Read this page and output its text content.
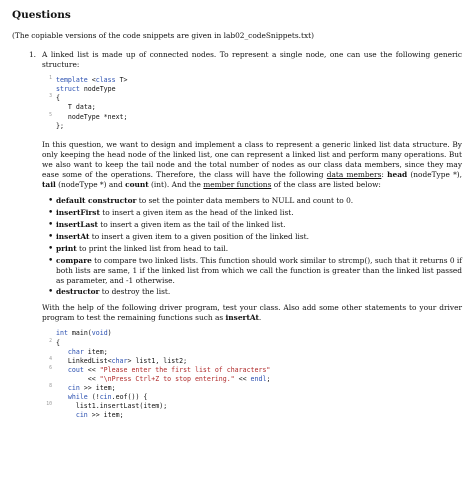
Questions
(The copiable versions of the code snippets are given in lab02_codeSnippets.txt)
1. A linked list is made up of connected nodes. To represent a single node, one can use the following generic structure:

1 template <class T>
struct nodeType
3 {
T data;
5	nodeType *next;
};

In this question, we want to design and implement a class to represent a generic linked list data structure. By only keeping the head node of the linked list, one can represent a linked list and perform many operations. But we also want to keep the tail node and the total number of nodes as our class data members, since they may ease some of the operations. Therefore, the class will have the following data members: head (nodeType *), tail (nodeType *) and count (int). And the member functions of the class are listed below:

• default constructor to set the pointer data members to NULL and count to 0.
• insertFirst to insert a given item as the head of the linked list.
• insertLast to insert a given item as the tail of the linked list.
• insertAt to insert a given item to a given position of the linked list.
• print to print the linked list from head to tail.
• compare to compare two linked lists. This function should work similar to strcmp(), such that it returns 0 if both lists are same, 1 if the linked list from which we call the function is greater than the linked list passed as parameter, and -1 otherwise.
• destructor to destroy the list.

With the help of the following driver program, test your class. Also add some other statements to your driver program to test the remaining functions such as insertAt.

int main(void)
2 {
char item;
4	LinkedList<char> list1, list2;
6	cout << "Please enter the first list of characters"
<< "\nPress Ctrl+Z to stop entering." << endl;
8	cin >> item;
while (!cin.eof()) {
10	list1.insertLast(item);
cin >> item;
